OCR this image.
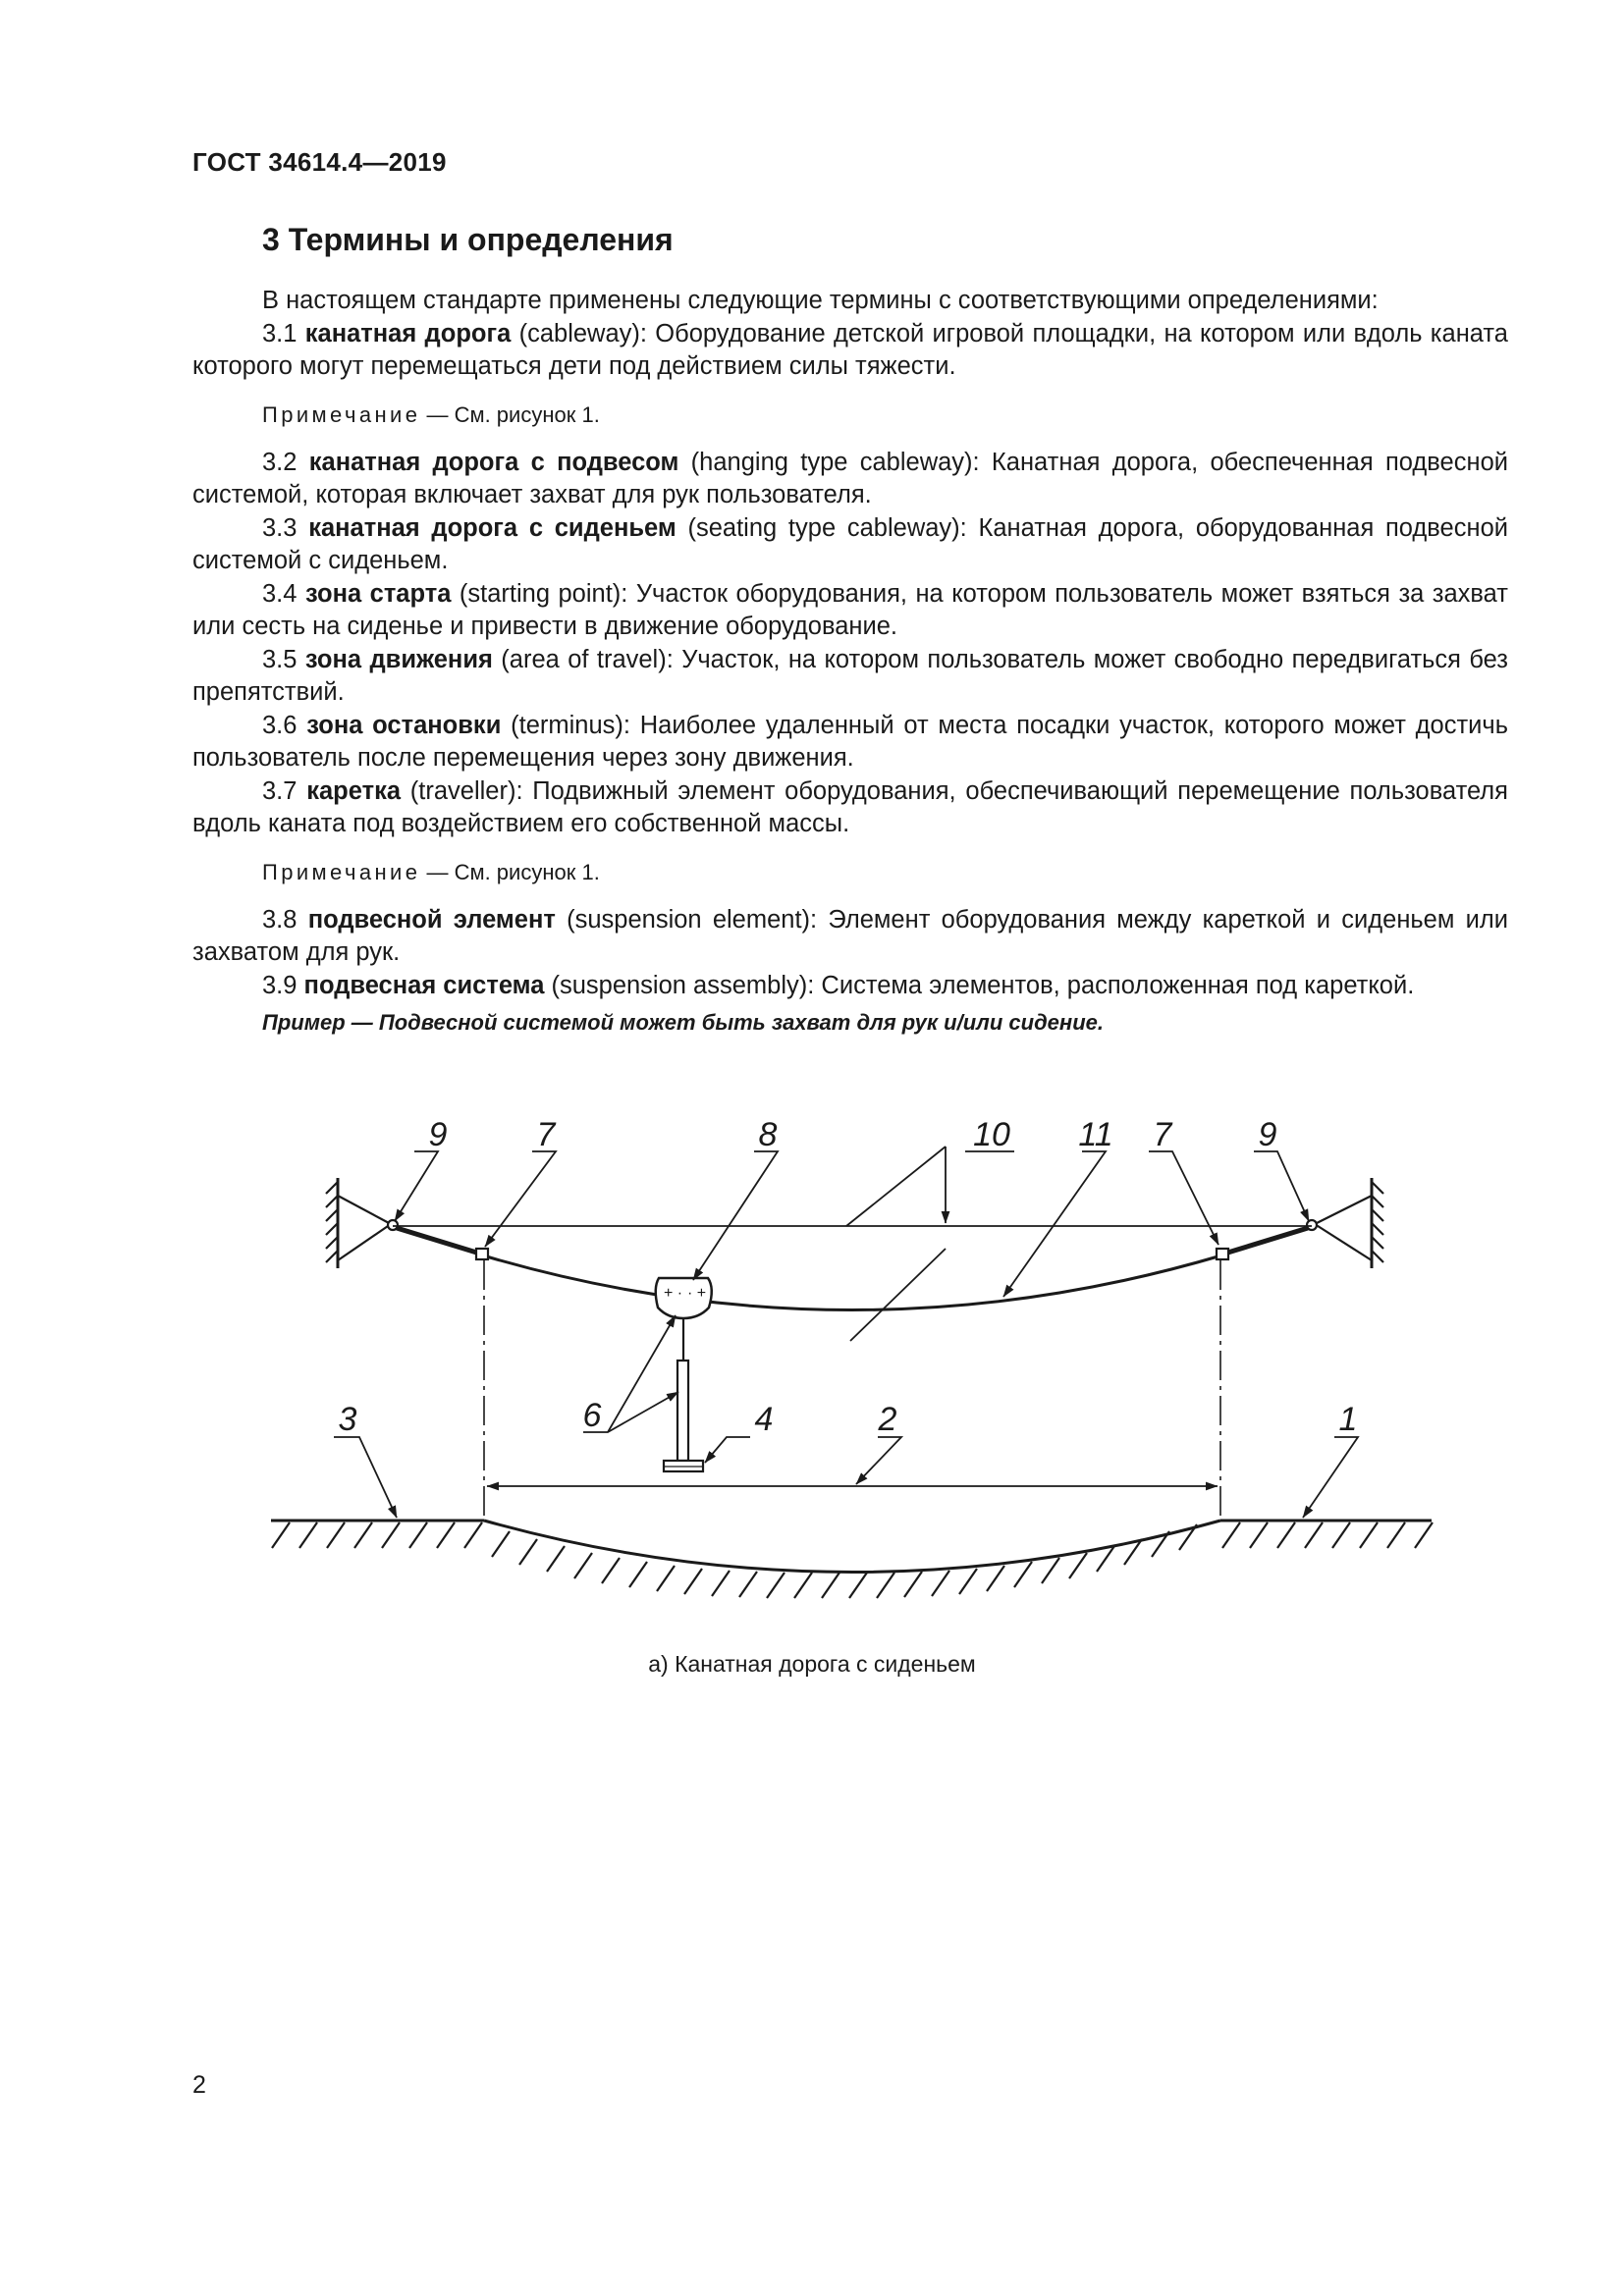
ГОСТ 34614.4—2019
3 Термины и определения

В настоящем стандарте применены следующие термины с соответствующими определениями:

3.1 канатная дорога (cableway): Оборудование детской игровой площадки, на котором или вдоль каната которого могут перемещаться дети под действием силы тяжести.

Примечание — См. рисунок 1.

3.2 канатная дорога с подвесом (hanging type cableway): Канатная дорога, обеспеченная подвесной системой, которая включает захват для рук пользователя.

3.3 канатная дорога с сиденьем (seating type cableway): Канатная дорога, оборудованная подвесной системой с сиденьем.

3.4 зона старта (starting point): Участок оборудования, на котором пользователь может взяться за захват или сесть на сиденье и привести в движение оборудование.

3.5 зона движения (area of travel): Участок, на котором пользователь может свободно передвигаться без препятствий.

3.6 зона остановки (terminus): Наиболее удаленный от места посадки участок, которого может достичь пользователь после перемещения через зону движения.

3.7 каретка (traveller): Подвижный элемент оборудования, обеспечивающий перемещение пользователя вдоль каната под воздействием его собственной массы.

Примечание — См. рисунок 1.

3.8 подвесной элемент (suspension element): Элемент оборудования между кареткой и сиденьем или захватом для рук.

3.9 подвесная система (suspension assembly): Система элементов, расположенная под кареткой.

Пример — Подвесной системой может быть захват для рук и/или сидение.
+ · · +
9	7	8	10 11 7	9
6	4	2
3	1
а) Канатная дорога с сиденьем
2
